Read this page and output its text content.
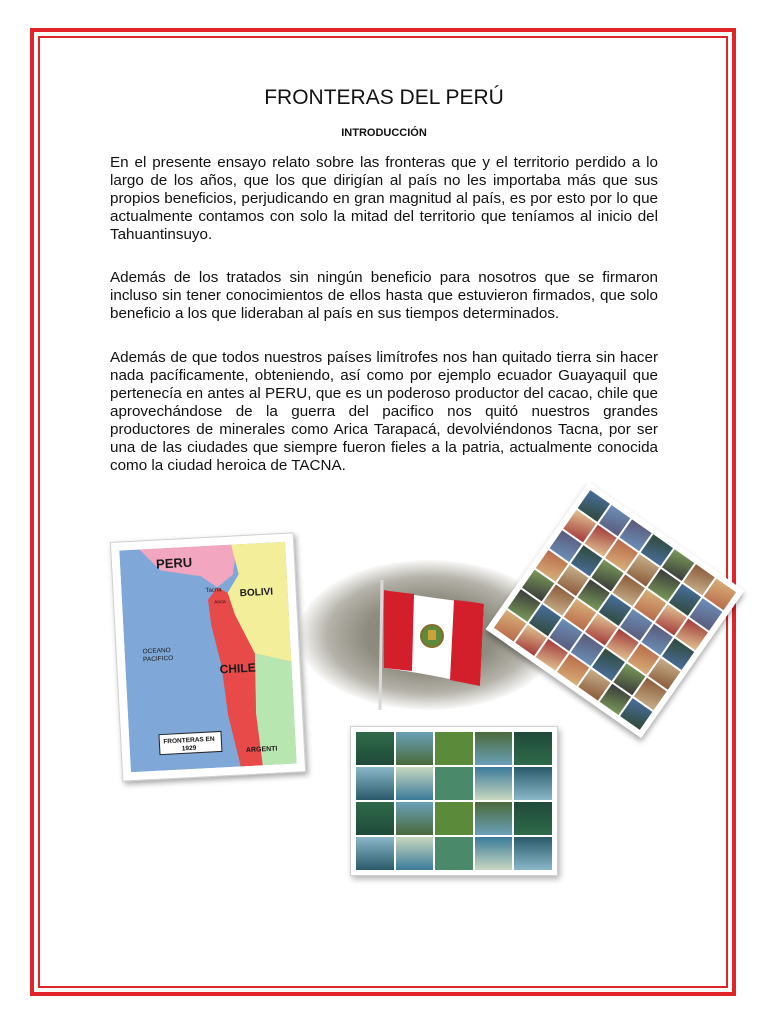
FRONTERAS DEL PERÚ
INTRODUCCIÓN

En el presente ensayo relato sobre las fronteras que y el territorio perdido a lo largo de los años, que los que dirigían al país no les importaba más que sus propios beneficios, perjudicando en gran magnitud al país, es por esto por lo que actualmente contamos con solo la mitad del territorio que teníamos al inicio del Tahuantinsuyo.

Además de los tratados sin ningún beneficio para nosotros que se firmaron incluso sin tener conocimientos de ellos hasta que estuvieron firmados, que solo beneficio a los que lideraban al país en sus tiempos determinados.

Además de que todos nuestros países limítrofes nos han quitado tierra sin hacer nada pacíficamente, obteniendo, así como por ejemplo ecuador Guayaquil que pertenecía en antes al PERU, que es un poderoso productor del cacao, chile que aprovechándose de la guerra del pacifico nos quitó nuestros grandes productores de minerales como Arica Tarapacá, devolviéndonos Tacna, por ser una de las ciudades que siempre fueron fieles a la patria, actualmente conocida como la ciudad heroica de TACNA.

PERU
BOLIVI
Tacna
Arica
OCEANO
PACIFICO
CHILE
FRONTERAS EN
1929	ARGENTI
